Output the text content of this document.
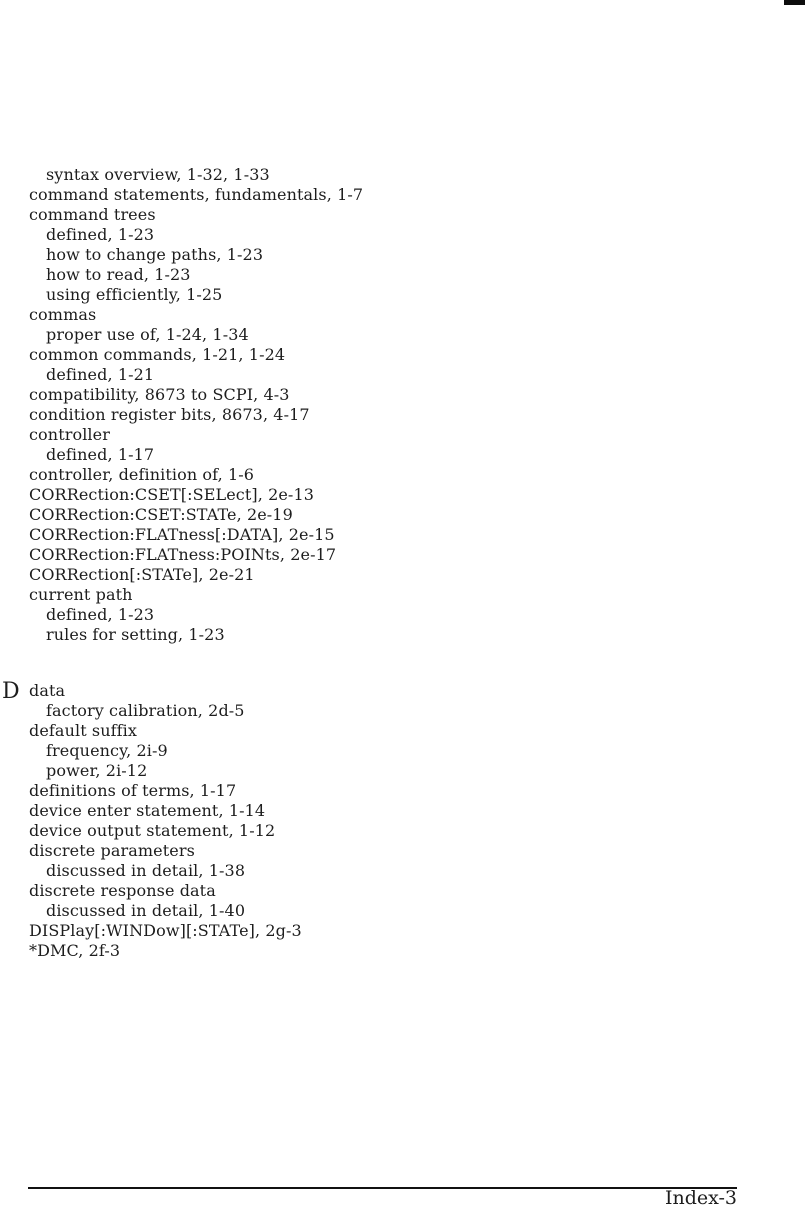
syntax overview, 1-32, 1-33
command statements, fundamentals, 1-7
command trees
defined, 1-23
how to change paths, 1-23
how to read, 1-23
using efficiently, 1-25
commas
proper use of, 1-24, 1-34
common commands, 1-21, 1-24
defined, 1-21
compatibility, 8673 to SCPI, 4-3
condition register bits, 8673, 4-17
controller
defined, 1-17
controller, definition of, 1-6
CORRection:CSET[:SELect], 2e-13
CORRection:CSET:STATe, 2e-19
CORRection:FLATness[:DATA], 2e-15
CORRection:FLATness:POINts, 2e-17
CORRection[:STATe], 2e-21
current path
defined, 1-23
rules for setting, 1-23
D data
factory calibration, 2d-5
default suffix
frequency, 2i-9
power, 2i-12
definitions of terms, 1-17
device enter statement, 1-14
device output statement, 1-12
discrete parameters
discussed in detail, 1-38
discrete response data
discussed in detail, 1-40
DISPlay[:WINDow][:STATe], 2g-3
*DMC, 2f-3
Index-3
